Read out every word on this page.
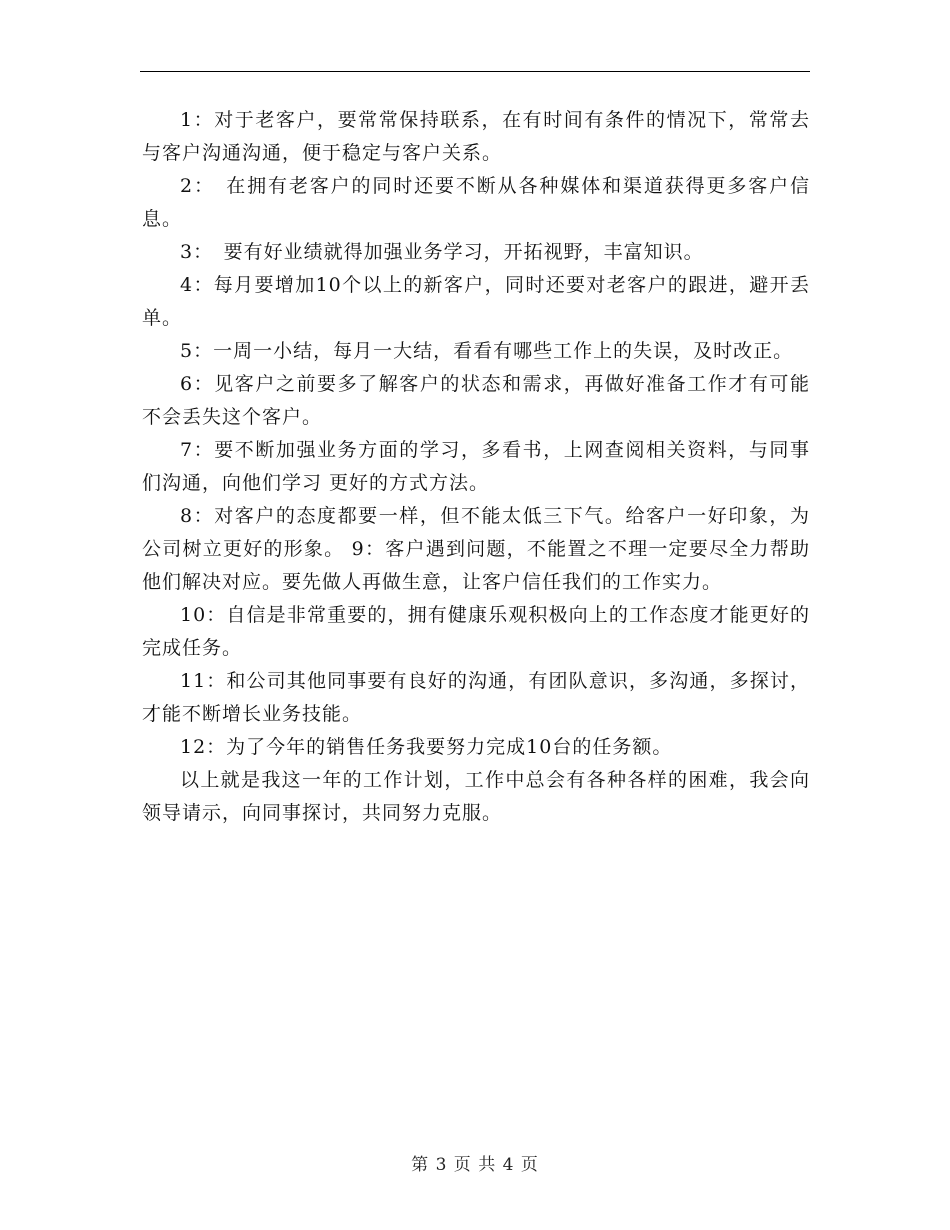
1：对于老客户，要常常保持联系，在有时间有条件的情况下，常常去与客户沟通沟通，便于稳定与客户关系。

2：　在拥有老客户的同时还要不断从各种媒体和渠道获得更多客户信息。

3：　要有好业绩就得加强业务学习，开拓视野，丰富知识。

4：每月要增加10个以上的新客户，同时还要对老客户的跟进，避开丢单。

5：一周一小结，每月一大结，看看有哪些工作上的失误，及时改正。

6：见客户之前要多了解客户的状态和需求，再做好准备工作才有可能不会丢失这个客户。

7：要不断加强业务方面的学习，多看书，上网查阅相关资料，与同事们沟通，向他们学习 更好的方式方法。

8：对客户的态度都要一样，但不能太低三下气。给客户一好印象，为公司树立更好的形象。 9：客户遇到问题，不能置之不理一定要尽全力帮助他们解决对应。要先做人再做生意，让客户信任我们的工作实力。

10：自信是非常重要的，拥有健康乐观积极向上的工作态度才能更好的完成任务。

11：和公司其他同事要有良好的沟通，有团队意识，多沟通，多探讨，才能不断增长业务技能。

12：为了今年的销售任务我要努力完成10台的任务额。

以上就是我这一年的工作计划，工作中总会有各种各样的困难，我会向领导请示，向同事探讨，共同努力克服。

第 3 页 共 4 页
